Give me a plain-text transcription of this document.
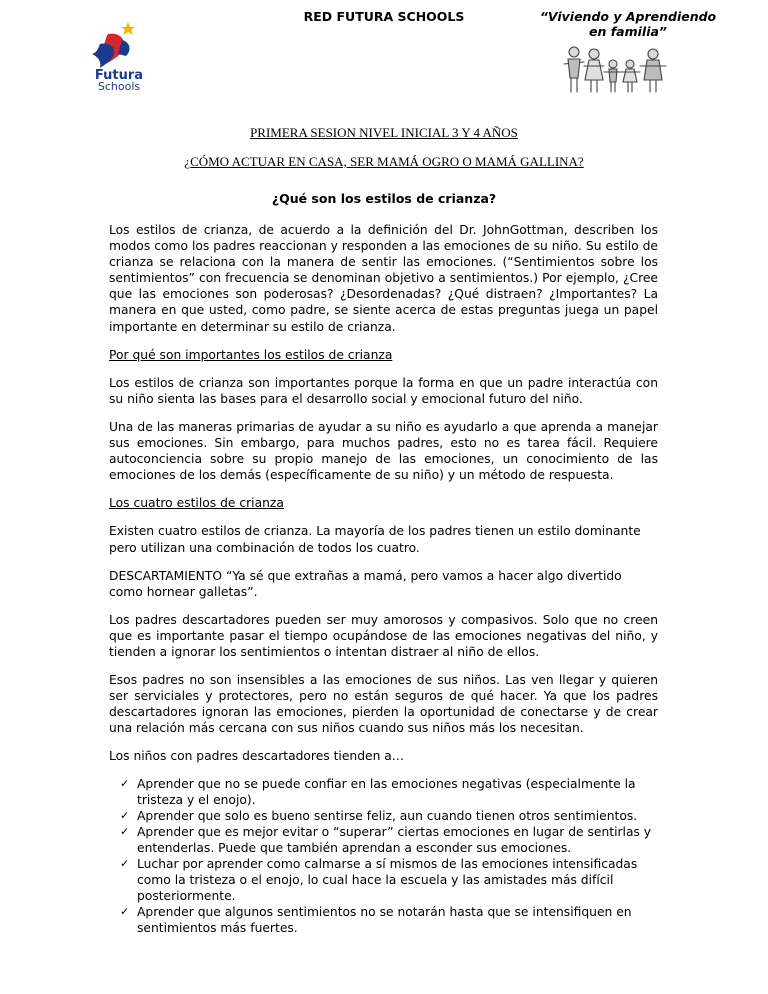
RED FUTURA SCHOOLS	“Viviendo y Aprendiendo
en familia”
Futura
Schools
PRIMERA SESION NIVEL INICIAL 3 Y 4 AÑOS
¿CÓMO ACTUAR EN CASA, SER MAMÁ OGRO O MAMÁ GALLINA?
¿Qué son los estilos de crianza?

Los estilos de crianza, de acuerdo a la definición del Dr. JohnGottman, describen los modos como los padres reaccionan y responden a las emociones de su niño. Su estilo de crianza se relaciona con la manera de sentir las emociones. (“Sentimientos sobre los sentimientos” con frecuencia se denominan objetivo a sentimientos.) Por ejemplo, ¿Cree que las emociones son poderosas? ¿Desordenadas? ¿Qué distraen? ¿Importantes? La manera en que usted, como padre, se siente acerca de estas preguntas juega un papel importante en determinar su estilo de crianza.

Por qué son importantes los estilos de crianza

Los estilos de crianza son importantes porque la forma en que un padre interactúa con su niño sienta las bases para el desarrollo social y emocional futuro del niño.

Una de las maneras primarias de ayudar a su niño es ayudarlo a que aprenda a manejar sus emociones. Sin embargo, para muchos padres, esto no es tarea fácil. Requiere autoconciencia sobre su propio manejo de las emociones, un conocimiento de las emociones de los demás (específicamente de su niño) y un método de respuesta.

Los cuatro estilos de crianza

Existen cuatro estilos de crianza. La mayoría de los padres tienen un estilo dominante pero utilizan una combinación de todos los cuatro.

DESCARTAMIENTO “Ya sé que extrañas a mamá, pero vamos a hacer algo divertido como hornear galletas”.

Los padres descartadores pueden ser muy amorosos y compasivos. Solo que no creen que es importante pasar el tiempo ocupándose de las emociones negativas del niño, y tienden a ignorar los sentimientos o intentan distraer al niño de ellos.

Esos padres no son insensibles a las emociones de sus niños. Las ven llegar y quieren ser serviciales y protectores, pero no están seguros de qué hacer. Ya que los padres descartadores ignoran las emociones, pierden la oportunidad de conectarse y de crear una relación más cercana con sus niños cuando sus niños más los necesitan.

Los niños con padres descartadores tienden a…

✓ Aprender que no se puede confiar en las emociones negativas (especialmente la tristeza y el enojo).
✓ Aprender que solo es bueno sentirse feliz, aun cuando tienen otros sentimientos.
✓ Aprender que es mejor evitar o “superar” ciertas emociones en lugar de sentirlas y entenderlas. Puede que también aprendan a esconder sus emociones.
✓ Luchar por aprender como calmarse a sí mismos de las emociones intensificadas como la tristeza o el enojo, lo cual hace la escuela y las amistades más difícil posteriormente.
✓ Aprender que algunos sentimientos no se notarán hasta que se intensifiquen en sentimientos más fuertes.
